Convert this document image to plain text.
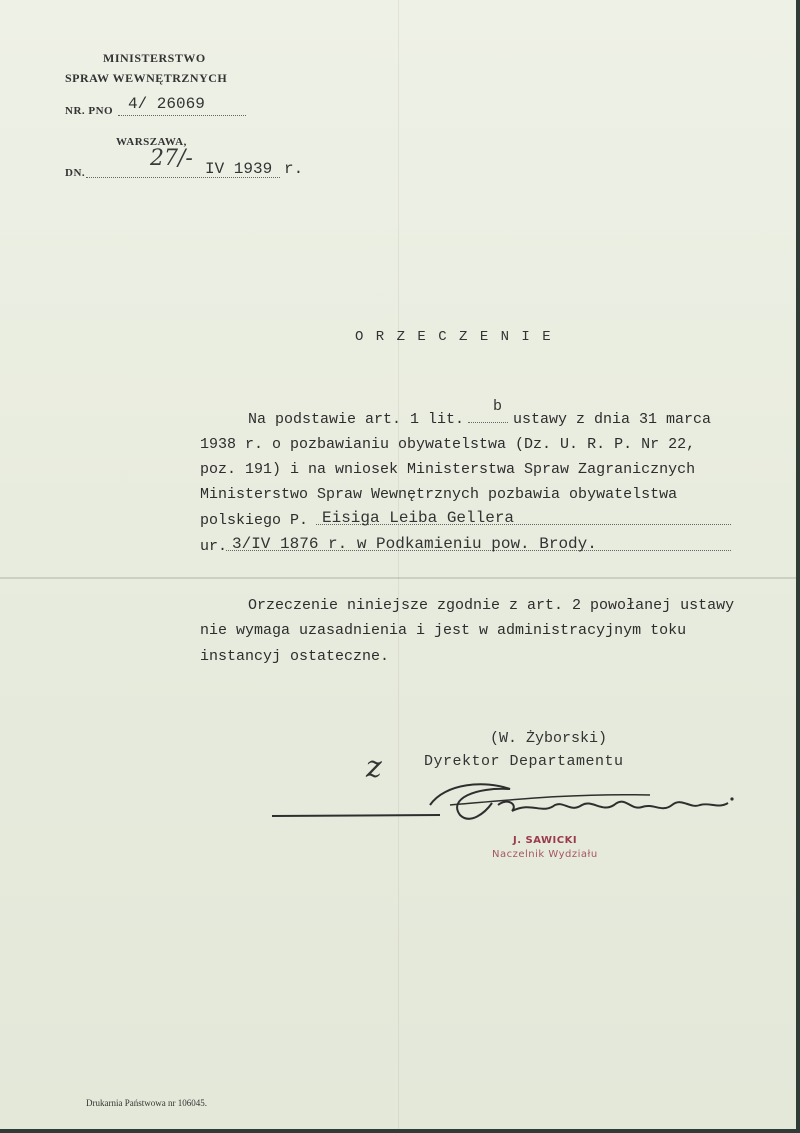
MINISTERSTWO
SPRAW WEWNĘTRZNYCH
NR. PNO 4/ 26069
WARSZAWA,
DN.
27/- IV 1939 r.
O R Z E C Z E N I E
Na podstawie art. 1 lit.
b
ustawy z dnia 31 marca
1938 r. o pozbawianiu obywatelstwa (Dz. U. R. P. Nr 22,
poz. 191) i na wniosek Ministerstwa Spraw Zagranicznych
Ministerstwo Spraw Wewnętrznych pozbawia obywatelstwa
polskiego P. Eisiga Leiba Gellera
ur. 3/IV 1876 r. w Podkamieniu pow. Brody.
Orzeczenie niniejsze zgodnie z art. 2 powołanej ustawy
nie wymaga uzasadnienia i jest w administracyjnym toku
instancyj ostateczne.
(W. Żyborski)
z	Dyrektor Departamentu
J. SAWICKI
Naczelnik Wydziału
Drukarnia Państwowa nr 106045.
